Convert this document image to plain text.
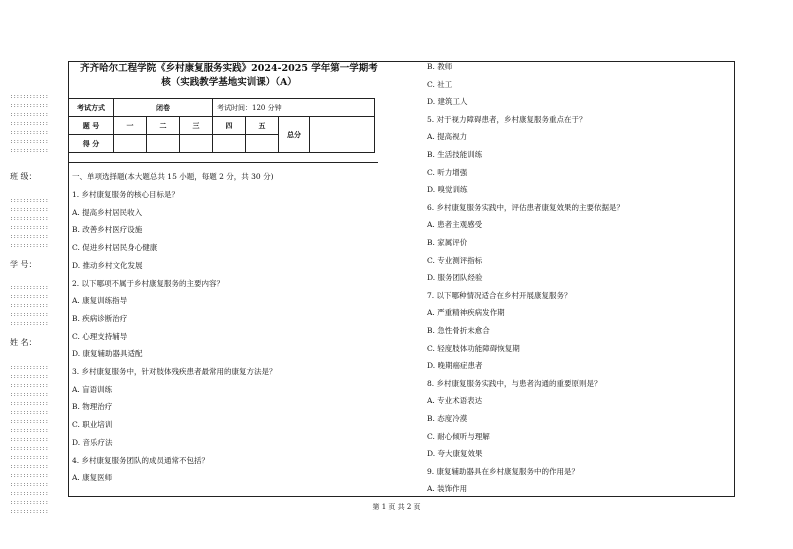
::::::::::::
::::::::::::
::::::::::::
::::::::::::
::::::::::::
::::::::::::
::::::::::::
班 级：
::::::::::::
::::::::::::
::::::::::::
::::::::::::
::::::::::::
::::::::::::
学 号：
::::::::::::
::::::::::::
::::::::::::
::::::::::::
::::::::::::
姓 名：
::::::::::::
::::::::::::
::::::::::::
::::::::::::
::::::::::::
::::::::::::
::::::::::::
::::::::::::
::::::::::::
::::::::::::
::::::::::::
::::::::::::
::::::::::::
::::::::::::
::::::::::::
::::::::::::
::::::::::::
齐齐哈尔工程学院《乡村康复服务实践》2024-2025 学年第一学期考
核（实践教学基地实训课）（A）
考试方式	闭卷			考试时间：120 分钟			
题 号	一	二	三	四	五	总分	
得 分							
一、单项选择题(本大题总共 15 小题，每题 2 分，共 30 分)
1. 乡村康复服务的核心目标是？
A. 提高乡村居民收入
B. 改善乡村医疗设施
C. 促进乡村居民身心健康
D. 推动乡村文化发展
2. 以下哪项不属于乡村康复服务的主要内容？
A. 康复训练指导
B. 疾病诊断治疗
C. 心理支持辅导
D. 康复辅助器具适配
3. 乡村康复服务中，针对肢体残疾患者最常用的康复方法是？
A. 盲语训练
B. 物理治疗
C. 职业培训
D. 音乐疗法
4. 乡村康复服务团队的成员通常不包括？
A. 康复医师
B. 教师
C. 社工
D. 建筑工人
5. 对于视力障碍患者，乡村康复服务重点在于？
A. 提高视力
B. 生活技能训练
C. 听力增强
D. 嗅觉训练
6. 乡村康复服务实践中，评估患者康复效果的主要依据是？
A. 患者主观感受
B. 家属评价
C. 专业测评指标
D. 服务团队经验
7. 以下哪种情况适合在乡村开展康复服务？
A. 严重精神疾病发作期
B. 急性骨折未愈合
C. 轻度肢体功能障碍恢复期
D. 晚期癌症患者
8. 乡村康复服务实践中，与患者沟通的重要原则是？
A. 专业术语表达
B. 态度冷漠
C. 耐心倾听与理解
D. 夸大康复效果
9. 康复辅助器具在乡村康复服务中的作用是？
A. 装饰作用
第 1 页 共 2 页
